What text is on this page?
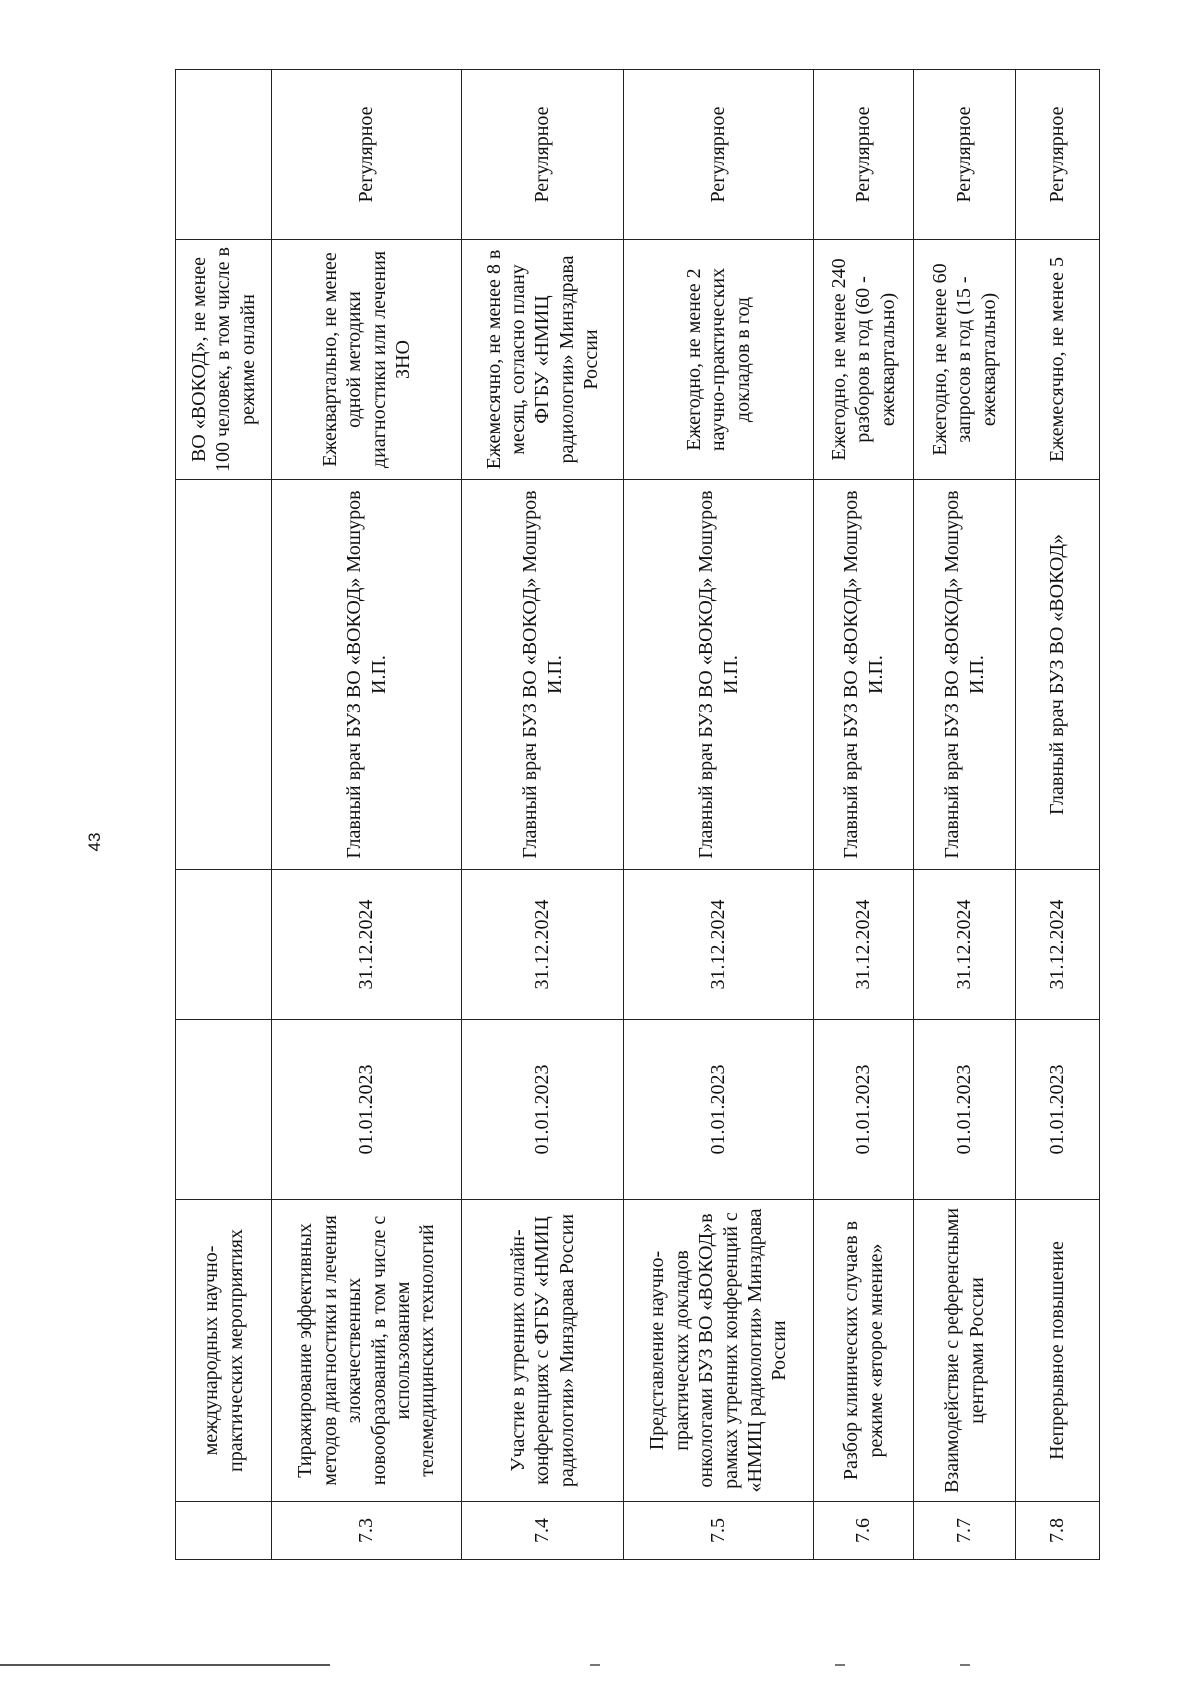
43
	международных научно-практических мероприятиях				ВО «ВОКОД», не менее 100 человек, в том числе в режиме онлайн	
7.3	Тиражирование эффективных методов диагностики и лечения злокачественных новообразований, в том числе с использованием телемедицинских технологий	01.01.2023	31.12.2024	Главный врач БУЗ ВО «ВОКОД» Мошуров И.П.	Ежеквартально, не менее одной методики диагностики или лечения ЗНО	Регулярное
7.4	Участие в утренних онлайн-конференциях с ФГБУ «НМИЦ радиологии» Минздрава России	01.01.2023	31.12.2024	Главный врач БУЗ ВО «ВОКОД» Мошуров И.П.	Ежемесячно, не менее 8 в месяц, согласно плану ФГБУ «НМИЦ радиологии» Минздрава России	Регулярное
7.5	Представление научно-практических докладов онкологами БУЗ ВО «ВОКОД»в рамках утренних конференций с «НМИЦ радиологии» Минздрава России	01.01.2023	31.12.2024	Главный врач БУЗ ВО «ВОКОД» Мошуров И.П.	Ежегодно, не менее 2 научно-практических докладов в год	Регулярное
7.6	Разбор клинических случаев в режиме «второе мнение»	01.01.2023	31.12.2024	Главный врач БУЗ ВО «ВОКОД» Мошуров И.П.	Ежегодно, не менее 240 разборов в год (60 - ежеквартально)	Регулярное
7.7	Взаимодействие с референсными центрами России	01.01.2023	31.12.2024	Главный врач БУЗ ВО «ВОКОД» Мошуров И.П.	Ежегодно, не менее 60 запросов в год (15 - ежеквартально)	Регулярное
7.8	Непрерывное повышение	01.01.2023	31.12.2024	Главный врач БУЗ ВО «ВОКОД»	Ежемесячно, не менее 5	Регулярное
